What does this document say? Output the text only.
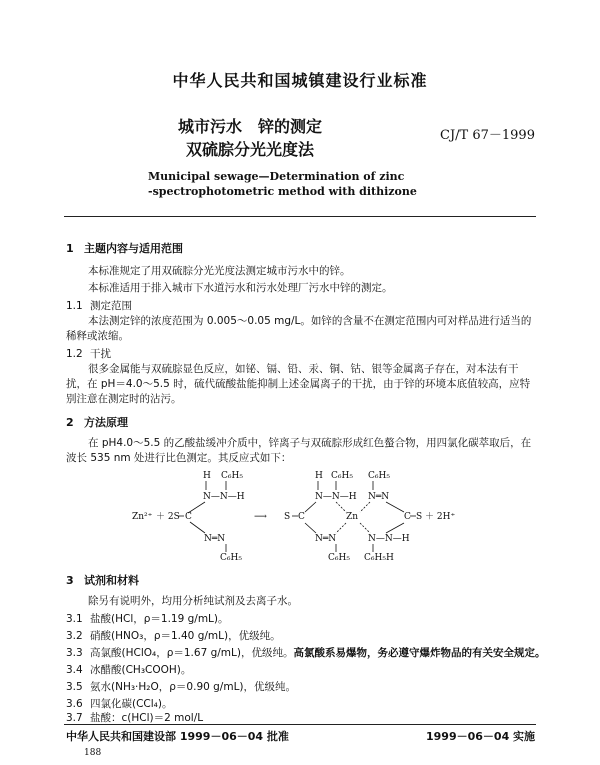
中华人民共和国城镇建设行业标准
城市污水　锌的测定
双硫腙分光光度法
CJ/T 67－1999
Municipal sewage—Determination of zinc
-spectrophotometric method with dithizone
1 主题内容与适用范围
本标准规定了用双硫腙分光光度法测定城市污水中的锌。
本标准适用于排入城市下水道污水和污水处理厂污水中锌的测定。
1.1 测定范围
本法测定锌的浓度范围为 0.005～0.05 mg/L。如锌的含量不在测定范围内可对样品进行适当的稀释或浓缩。
1.2 干扰
很多金属能与双硫腙显色反应，如铋、镉、铅、汞、铜、钴、银等金属离子存在，对本法有干扰，在 pH＝4.0～5.5 时，硫代硫酸盐能抑制上述金属离子的干扰，由于锌的环境本底值较高，应特别注意在测定时的沾污。
2 方法原理
在 pH4.0～5.5 的乙酸盐缓冲介质中，锌离子与双硫腙形成红色螯合物，用四氯化碳萃取后，在波长 535 nm 处进行比色测定。其反应式如下：
H C₆H₅
N—N—H
Zn²⁺ ＋ 2S C
N═N
C₆H₅
⟶ S C
H C₆H₅ C₆H₅
N—N—H N═N
Zn	C S ＋ 2H⁺
N═N	N—N—H
C₆H₅ C₆H₅H
3 试剂和材料
除另有说明外，均用分析纯试剂及去离子水。
3.1 盐酸(HCl，ρ＝1.19 g/mL)。
3.2 硝酸(HNO₃，ρ＝1.40 g/mL)，优级纯。
3.3 高氯酸(HClO₄，ρ＝1.67 g/mL)，优级纯。高氯酸系易爆物，务必遵守爆炸物品的有关安全规定。
3.4 冰醋酸(CH₃COOH)。
3.5 氨水(NH₃·H₂O，ρ＝0.90 g/mL)，优级纯。
3.6 四氯化碳(CCl₄)。
3.7 盐酸：c(HCl)＝2 mol/L
中华人民共和国建设部 1999－06－04 批准	1999－06－04 实施
188
